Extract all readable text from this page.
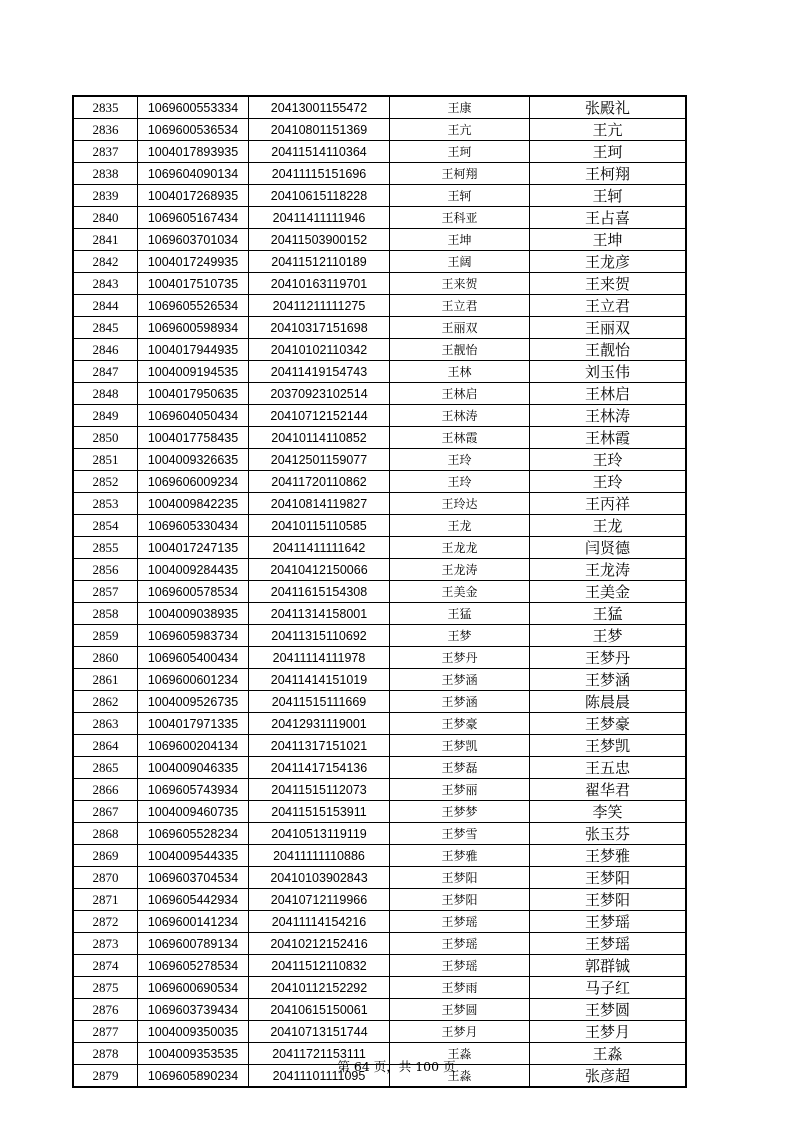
2835	1069600553334	20413001155472	王康	张殿礼
2836	1069600536534	20410801151369	王亢	王亢
2837	1004017893935	20411514110364	王珂	王珂
2838	1069604090134	20411115151696	王柯翔	王柯翔
2839	1004017268935	20410615118228	王轲	王轲
2840	1069605167434	20411411111946	王科亚	王占喜
2841	1069603701034	20411503900152	王坤	王坤
2842	1004017249935	20411512110189	王阔	王龙彦
2843	1004017510735	20410163119701	王来贺	王来贺
2844	1069605526534	20411211111275	王立君	王立君
2845	1069600598934	20410317151698	王丽双	王丽双
2846	1004017944935	20410102110342	王靓怡	王靓怡
2847	1004009194535	20411419154743	王林	刘玉伟
2848	1004017950635	20370923102514	王林启	王林启
2849	1069604050434	20410712152144	王林涛	王林涛
2850	1004017758435	20410114110852	王林霞	王林霞
2851	1004009326635	20412501159077	王玲	王玲
2852	1069606009234	20411720110862	王玲	王玲
2853	1004009842235	20410814119827	王玲达	王丙祥
2854	1069605330434	20410115110585	王龙	王龙
2855	1004017247135	20411411111642	王龙龙	闫贤德
2856	1004009284435	20410412150066	王龙涛	王龙涛
2857	1069600578534	20411615154308	王美金	王美金
2858	1004009038935	20411314158001	王猛	王猛
2859	1069605983734	20411315110692	王梦	王梦
2860	1069605400434	20411114111978	王梦丹	王梦丹
2861	1069600601234	20411414151019	王梦涵	王梦涵
2862	1004009526735	20411515111669	王梦涵	陈晨晨
2863	1004017971335	20412931119001	王梦豪	王梦豪
2864	1069600204134	20411317151021	王梦凯	王梦凯
2865	1004009046335	20411417154136	王梦磊	王五忠
2866	1069605743934	20411515112073	王梦丽	翟华君
2867	1004009460735	20411515153911	王梦梦	李笑
2868	1069605528234	20410513119119	王梦雪	张玉芬
2869	1004009544335	20411111110886	王梦雅	王梦雅
2870	1069603704534	20410103902843	王梦阳	王梦阳
2871	1069605442934	20410712119966	王梦阳	王梦阳
2872	1069600141234	20411114154216	王梦瑶	王梦瑶
2873	1069600789134	20410212152416	王梦瑶	王梦瑶
2874	1069605278534	20411512110832	王梦瑶	郭群铖
2875	1069600690534	20410112152292	王梦雨	马子红
2876	1069603739434	20410615150061	王梦圆	王梦圆
2877	1004009350035	20410713151744	王梦月	王梦月
2878	1004009353535	20411721153111	王淼	王淼
2879	1069605890234	20411101111095	王淼	张彦超
第 64 页，共 100 页
